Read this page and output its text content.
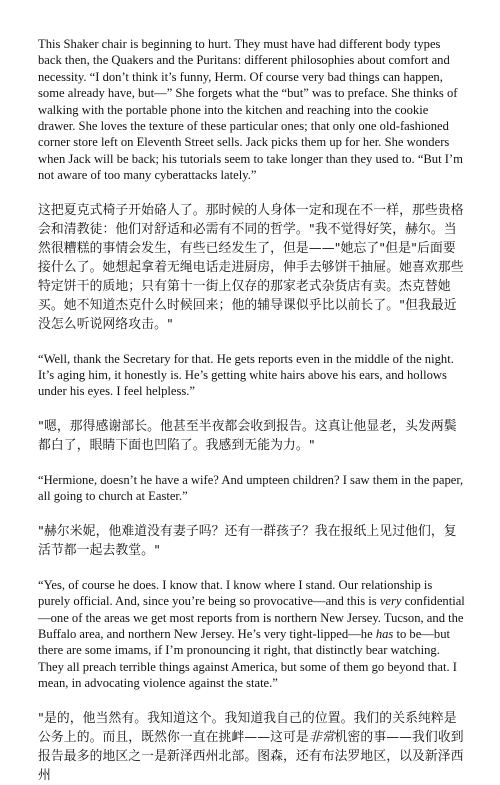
This Shaker chair is beginning to hurt. They must have had different body types back then, the Quakers and the Puritans: different philosophies about comfort and necessity. “I don’t think it’s funny, Herm. Of course very bad things can happen, some already have, but—” She forgets what the “but” was to preface. She thinks of walking with the portable phone into the kitchen and reaching into the cookie drawer. She loves the texture of these particular ones; that only one old-fashioned corner store left on Eleventh Street sells. Jack picks them up for her. She wonders when Jack will be back; his tutorials seem to take longer than they used to. “But I’m not aware of too many cyberattacks lately.”

这把夏克式椅子开始硌人了。那时候的人身体一定和现在不一样，那些贵格会和清教徒：他们对舒适和必需有不同的哲学。"我不觉得好笑，赫尔。当然很糟糕的事情会发生，有些已经发生了，但是——"她忘了"但是"后面要接什么了。她想起拿着无绳电话走进厨房，伸手去够饼干抽屉。她喜欢那些特定饼干的质地；只有第十一街上仅存的那家老式杂货店有卖。杰克替她买。她不知道杰克什么时候回来；他的辅导课似乎比以前长了。"但我最近没怎么听说网络攻击。"

“Well, thank the Secretary for that. He gets reports even in the middle of the night. It’s aging him, it honestly is. He’s getting white hairs above his ears, and hollows under his eyes. I feel helpless.”

"嗯，那得感谢部长。他甚至半夜都会收到报告。这真让他显老，头发两鬓都白了，眼睛下面也凹陷了。我感到无能为力。"

“Hermione, doesn’t he have a wife? And umpteen children? I saw them in the paper, all going to church at Easter.”

"赫尔米妮，他难道没有妻子吗？还有一群孩子？我在报纸上见过他们，复活节都一起去教堂。"

“Yes, of course he does. I know that. I know where I stand. Our relationship is purely official. And, since you’re being so provocative—and this is very confidential—one of the areas we get most reports from is northern New Jersey. Tucson, and the Buffalo area, and northern New Jersey. He’s very tight-lipped—he has to be—but there are some imams, if I’m pronouncing it right, that distinctly bear watching. They all preach terrible things against America, but some of them go beyond that. I mean, in advocating violence against the state.”

"是的，他当然有。我知道这个。我知道我自己的位置。我们的关系纯粹是公务上的。而且，既然你一直在挑衅——这可是非常机密的事——我们收到报告最多的地区之一是新泽西州北部。图森，还有布法罗地区，以及新泽西州
